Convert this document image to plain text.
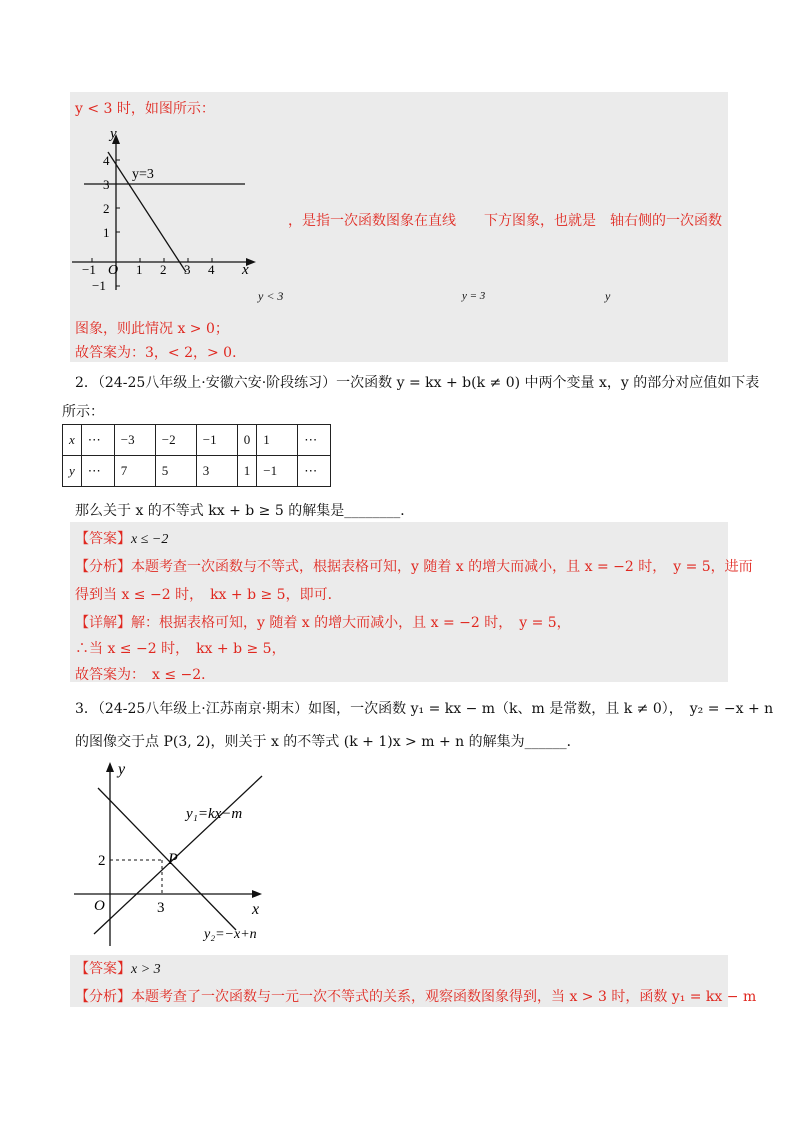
y < 3 时，如图所示：
y
x
O
y=3
4
3
2
1
−1
−1	1 2 3 4
，是指一次函数图象在直线　　下方图象，也就是　轴右侧的一次函数
y < 3	y = 3	y
图象，则此情况 x > 0；
故答案为：3，< 2，> 0．
2．（24-25八年级上·安徽六安·阶段练习）一次函数 y = kx + b(k ≠ 0) 中两个变量 x，y 的部分对应值如下表
所示：
x	⋯	−3	−2	−1	0	1	⋯
y	⋯	7	5	3	1	−1	⋯
那么关于 x 的不等式 kx + b ≥ 5 的解集是________．
【答案】x ≤ −2
【分析】本题考查一次函数与不等式，根据表格可知，y 随着 x 的增大而减小，且 x = −2 时，　y = 5，进而
得到当 x ≤ −2 时，　kx + b ≥ 5，即可．
【详解】解：根据表格可知，y 随着 x 的增大而减小，且 x = −2 时，　y = 5，
∴当 x ≤ −2 时，　kx + b ≥ 5，
故答案为：　x ≤ −2．
3．（24-25八年级上·江苏南京·期末）如图，一次函数 y₁ = kx − m（k、m 是常数，且 k ≠ 0），　y₂ = −x + n
的图像交于点 P(3, 2)，则关于 x 的不等式 (k + 1)x > m + n 的解集为______．
y
x
O
P
2
3
y₁=kx−m
y₂=−x+n
【答案】x > 3
【分析】本题考查了一次函数与一元一次不等式的关系，观察函数图象得到，当 x > 3 时，函数 y₁ = kx − m
